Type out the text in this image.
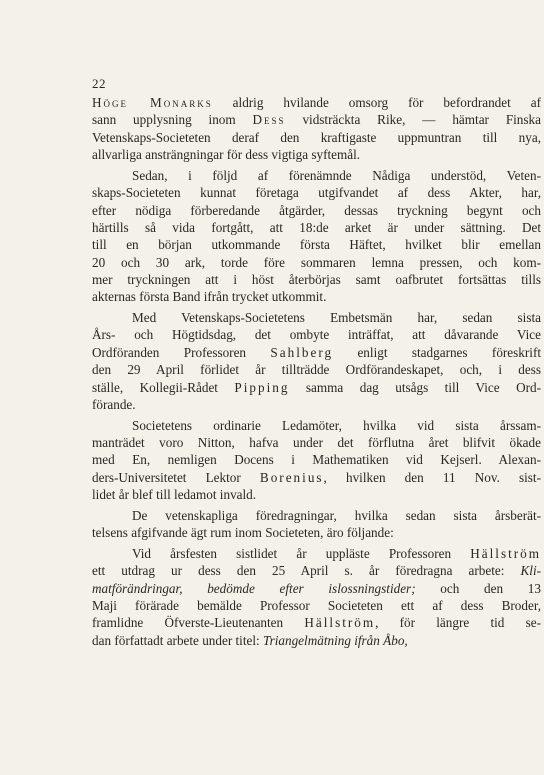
22
Höge Monarks aldrig hvilande omsorg för befordrandet af
sann upplysning inom Dess vidsträckta Rike, — hämtar Finska
Vetenskaps-Societeten deraf den kraftigaste uppmuntran till nya,
allvarliga ansträngningar för dess vigtiga syftemål.
Sedan, i följd af förenämnde Nådiga understöd, Veten-
skaps-Societeten kunnat företaga utgifvandet af dess Akter, har,
efter nödiga förberedande åtgärder, dessas tryckning begynt och
härtills så vida fortgått, att 18:de arket är under sättning. Det
till en början utkommande första Häftet, hvilket blir emellan
20 och 30 ark, torde före sommaren lemna pressen, och kom-
mer tryckningen att i höst återbörjas samt oafbrutet fortsättas tills
akternas första Band ifrån trycket utkommit.
Med Vetenskaps-Societetens Embetsmän har, sedan sista
Års- och Högtidsdag, det ombyte inträffat, att dåvarande Vice
Ordföranden Professoren Sahlberg enligt stadgarnes föreskrift
den 29 April förlidet år tillträdde Ordförandeskapet, och, i dess
ställe, Kollegii-Rådet Pipping samma dag utsågs till Vice Ord-
förande.
Societetens ordinarie Ledamöter, hvilka vid sista årssam-
manträdet voro Nitton, hafva under det förflutna året blifvit ökade
med En, nemligen Docens i Mathematiken vid Kejserl. Alexan-
ders-Universitetet Lektor Borenius, hvilken den 11 Nov. sist-
lidet år blef till ledamot invald.
De vetenskapliga föredragningar, hvilka sedan sista årsberät-
telsens afgifvande ägt rum inom Societeten, äro följande:
Vid årsfesten sistlidet år uppläste Professoren Hällström
ett utdrag ur dess den 25 April s. år föredragna arbete: Kli-
matförändringar, bedömde efter islossningstider; och den 13
Maji förärade bemälde Professor Societeten ett af dess Broder,
framlidne Öfverste-Lieutenanten Hällström, för längre tid se-
dan författadt arbete under titel: Triangelmätning ifrån Åbo,
